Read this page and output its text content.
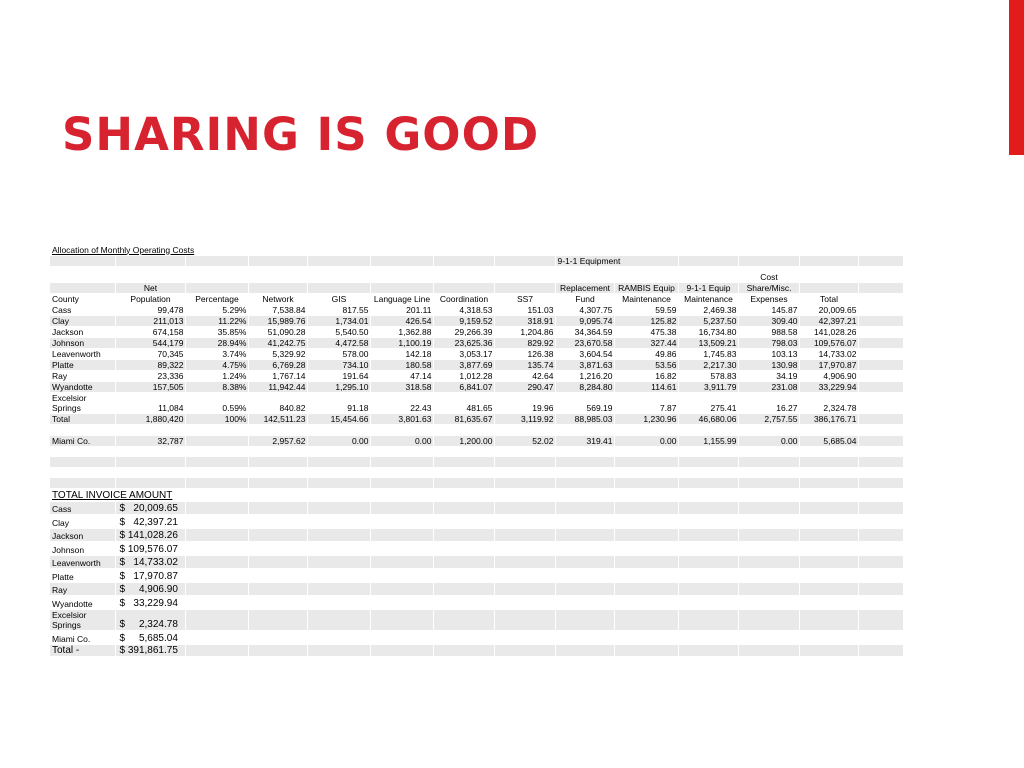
SHARING IS GOOD
Allocation of Monthly Operating Costs													
								9-1-1 Equipment					
											Cost		
	Net							Replacement	RAMBIS Equip	9-1-1 Equip	Share/Misc.		
County	Population	Percentage	Network	GIS	Language Line	Coordination	SS7	Fund	Maintenance	Maintenance	Expenses	Total	
Cass	99,478	5.29%	7,538.84	817.55	201.11	4,318.53	151.03	4,307.75	59.59	2,469.38	145.87	20,009.65	
Clay	211,013	11.22%	15,989.76	1,734.01	426.54	9,159.52	318.91	9,095.74	125.82	5,237.50	309.40	42,397.21	
Jackson	674,158	35.85%	51,090.28	5,540.50	1,362.88	29,266.39	1,204.86	34,364.59	475.38	16,734.80	988.58	141,028.26	
Johnson	544,179	28.94%	41,242.75	4,472.58	1,100.19	23,625.36	829.92	23,670.58	327.44	13,509.21	798.03	109,576.07	
Leavenworth	70,345	3.74%	5,329.92	578.00	142.18	3,053.17	126.38	3,604.54	49.86	1,745.83	103.13	14,733.02	
Platte	89,322	4.75%	6,769.28	734.10	180.58	3,877.69	135.74	3,871.63	53.56	2,217.30	130.98	17,970.87	
Ray	23,336	1.24%	1,767.14	191.64	47.14	1,012.28	42.64	1,216.20	16.82	578.83	34.19	4,906.90	
Wyandotte	157,505	8.38%	11,942.44	1,295.10	318.58	6,841.07	290.47	8,284.80	114.61	3,911.79	231.08	33,229.94	
Excelsior
Springs	11,084	0.59%	840.82	91.18	22.43	481.65	19.96	569.19	7.87	275.41	16.27	2,324.78	
Total	1,880,420	100%	142,511.23	15,454.66	3,801.63	81,635.67	3,119.92	88,985.03	1,230.96	46,680.06	2,757.55	386,176.71	

Miami Co.	32,787		2,957.62	0.00	0.00	1,200.00	52.02	319.41	0.00	1,155.99	0.00	5,685.04	

TOTAL INVOICE AMOUNT													
Cass	$   20,009.65												
Clay	$   42,397.21												
Jackson	$ 141,028.26												
Johnson	$ 109,576.07												
Leavenworth	$   14,733.02												
Platte	$   17,970.87												
Ray	$     4,906.90												
Wyandotte	$   33,229.94												
Excelsior
Springs	$     2,324.78												
Miami Co.	$     5,685.04												
Total -	$ 391,861.75												
